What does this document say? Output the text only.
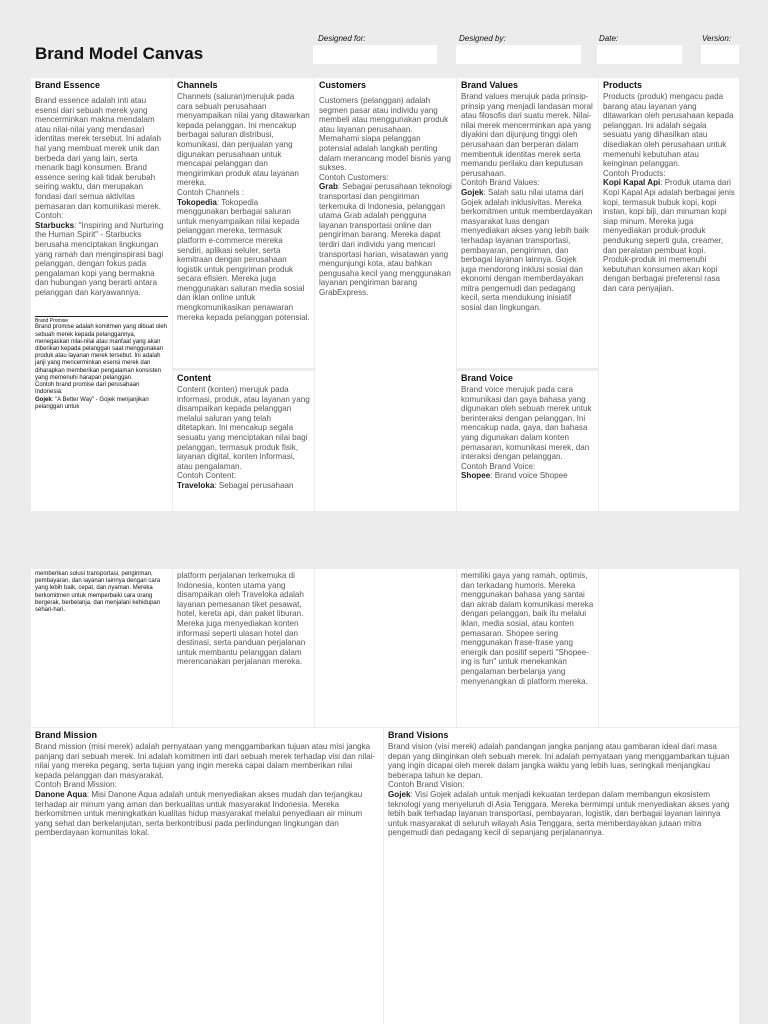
Brand Model Canvas
Designed for:	Designed by:	Date:	Version:
Brand Essence
Brand essence adalah inti atau esensi dari sebuah merek yang mencerminkan makna mendalam atau nilai-nilai yang mendasari identitas merek tersebut. Ini adalah hal yang membuat merek unik dan berbeda dari yang lain, serta menarik bagi konsumen. Brand essence sering kali tidak berubah seiring waktu, dan merupakan fondasi dari semua aktivitas pemasaran dan komunikasi merek.
Contoh:
Starbucks: "Inspiring and Nurturing the Human Spirit" - Starbucks berusaha menciptakan lingkungan yang ramah dan menginspirasi bagi pelanggan, dengan fokus pada pengalaman kopi yang bermakna dan hubungan yang berarti antara pelanggan dan karyawannya.
Brand Promise
Brand promise adalah komitmen yang dibuat oleh sebuah merek kepada pelanggannya, menegaskan nilai-nilai atau manfaat yang akan diberikan kepada pelanggan saat menggunakan produk atau layanan merek tersebut. Ini adalah janji yang mencerminkan esensi merek dan diharapkan memberikan pengalaman konsisten yang memenuhi harapan pelanggan.
Contoh brand promise dari perusahaan Indonesia:
Gojek: "A Better Way" - Gojek menjanjikan pelanggan untuk
memberikan solusi transportasi, pengiriman, pembayaran, dan layanan lainnya dengan cara yang lebih baik, cepat, dan nyaman. Mereka berkomitmen untuk memperbaiki cara orang bergerak, berbelanja, dan menjalani kehidupan sehari-hari.
Channels
Channels (saluran)merujuk pada cara sebuah perusahaan menyampaikan nilai yang ditawarkan kepada pelanggan. Ini mencakup berbagai saluran distribusi, komunikasi, dan penjualan yang digunakan perusahaan untuk mencapai pelanggan dan mengirimkan produk atau layanan mereka.
Contoh Channels :
Tokopedia: Tokopedia menggunakan berbagai saluran untuk menyampaikan nilai kepada pelanggan mereka, termasuk platform e-commerce mereka sendiri, aplikasi seluler, serta kemitraan dengan perusahaan logistik untuk pengiriman produk secara efisien. Mereka juga menggunakan saluran media sosial dan iklan online untuk mengkomunikasikan penawaran mereka kepada pelanggan potensial.
Content
Content (konten) merujuk pada informasi, produk, atau layanan yang disampaikan kepada pelanggan melalui saluran yang telah ditetapkan. Ini mencakup segala sesuatu yang menciptakan nilai bagi pelanggan, termasuk produk fisik, layanan digital, konten informasi, atau pengalaman.
Contoh Content:
Traveloka: Sebagai perusahaan
platform perjalanan terkemuka di Indonesia, konten utama yang disampaikan oleh Traveloka adalah layanan pemesanan tiket pesawat, hotel, kereta api, dan paket liburan. Mereka juga menyediakan konten informasi seperti ulasan hotel dan destinasi, serta panduan perjalanan untuk membantu pelanggan dalam merencanakan perjalanan mereka.
Customers
Customers (pelanggan) adalah segmen pasar atau individu yang membeli atau menggunakan produk atau layanan perusahaan. Memahami siapa pelanggan potensial adalah langkah penting dalam merancang model bisnis yang sukses.
Contoh Customers:
Grab: Sebagai perusahaan teknologi transportasi dan pengiriman terkemuka di Indonesia, pelanggan utama Grab adalah pengguna layanan transportasi online dan pengiriman barang. Mereka dapat terdiri dari individu yang mencari transportasi harian, wisatawan yang mengunjungi kota, atau bahkan pengusaha kecil yang menggunakan layanan pengiriman barang GrabExpress.
Brand Values
Brand values merujuk pada prinsip-prinsip yang menjadi landasan moral atau filosofis dari suatu merek. Nilai-nilai merek mencerminkan apa yang diyakini dan dijunjung tinggi oleh perusahaan dan berperan dalam membentuk identitas merek serta memandu perilaku dan keputusan perusahaan.
Contoh Brand Values:
Gojek: Salah satu nilai utama dari Gojek adalah inklusivitas. Mereka berkomitmen untuk memberdayakan masyarakat luas dengan menyediakan akses yang lebih baik terhadap layanan transportasi, pembayaran, pengiriman, dan berbagai layanan lainnya. Gojek juga mendorong inklusi sosial dan ekonomi dengan memberdayakan mitra pengemudi dan pedagang kecil, serta mendukung inisiatif sosial dan lingkungan.
Brand Voice
Brand voice merujuk pada cara komunikasi dan gaya bahasa yang digunakan oleh sebuah merek untuk berinteraksi dengan pelanggan. Ini mencakup nada, gaya, dan bahasa yang digunakan dalam konten pemasaran, komunikasi merek, dan interaksi dengan pelanggan.
Contoh Brand Voice:
Shopee: Brand voice Shopee
memiliki gaya yang ramah, optimis, dan terkadang humoris. Mereka menggunakan bahasa yang santai dan akrab dalam komunikasi mereka dengan pelanggan, baik itu melalui iklan, media sosial, atau konten pemasaran. Shopee sering menggunakan frase-frase yang energik dan positif seperti "Shopee-ing is fun" untuk menekankan pengalaman berbelanja yang menyenangkan di platform mereka.
Products
Products (produk) mengacu pada barang atau layanan yang ditawarkan oleh perusahaan kepada pelanggan. Ini adalah segala sesuatu yang dihasilkan atau disediakan oleh perusahaan untuk memenuhi kebutuhan atau keinginan pelanggan.
Contoh Products:
Kopi Kapal Api: Produk utama dari Kopi Kapal Api adalah berbagai jenis kopi, termasuk bubuk kopi, kopi instan, kopi biji, dan minuman kopi siap minum. Mereka juga menyediakan produk-produk pendukung seperti gula, creamer, dan peralatan pembuat kopi. Produk-produk ini memenuhi kebutuhan konsumen akan kopi dengan berbagai preferensi rasa dan cara penyajian.
Brand Mission
Brand mission (misi merek) adalah pernyataan yang menggambarkan tujuan atau misi jangka panjang dari sebuah merek. Ini adalah komitmen inti dari sebuah merek terhadap visi dan nilai-nilai yang mereka pegang, serta tujuan yang ingin mereka capai dalam memberikan nilai kepada pelanggan dan masyarakat.
Contoh Brand Mission:
Danone Aqua: Misi Danone Aqua adalah untuk menyediakan akses mudah dan terjangkau terhadap air minum yang aman dan berkualitas untuk masyarakat Indonesia. Mereka berkomitmen untuk meningkatkan kualitas hidup masyarakat melalui penyediaan air minum yang sehat dan berkelanjutan, serta berkontribusi pada perlindungan lingkungan dan pemberdayaan komunitas lokal.
Brand Visions
Brand vision (visi merek) adalah pandangan jangka panjang atau gambaran ideal dari masa depan yang diinginkan oleh sebuah merek. Ini adalah pernyataan yang menggambarkan tujuan yang ingin dicapai oleh merek dalam jangka waktu yang lebih luas, seringkali menjangkau beberapa tahun ke depan.
Contoh Brand Vision:
Gojek: Visi Gojek adalah untuk menjadi kekuatan terdepan dalam membangun ekosistem teknologi yang menyeluruh di Asia Tenggara. Mereka bermimpi untuk menyediakan akses yang lebih baik terhadap layanan transportasi, pembayaran, logistik, dan berbagai layanan lainnya untuk masyarakat di seluruh wilayah Asia Tenggara, serta memberdayakan jutaan mitra pengemudi dan pedagang kecil di sepanjang perjalanannya.
